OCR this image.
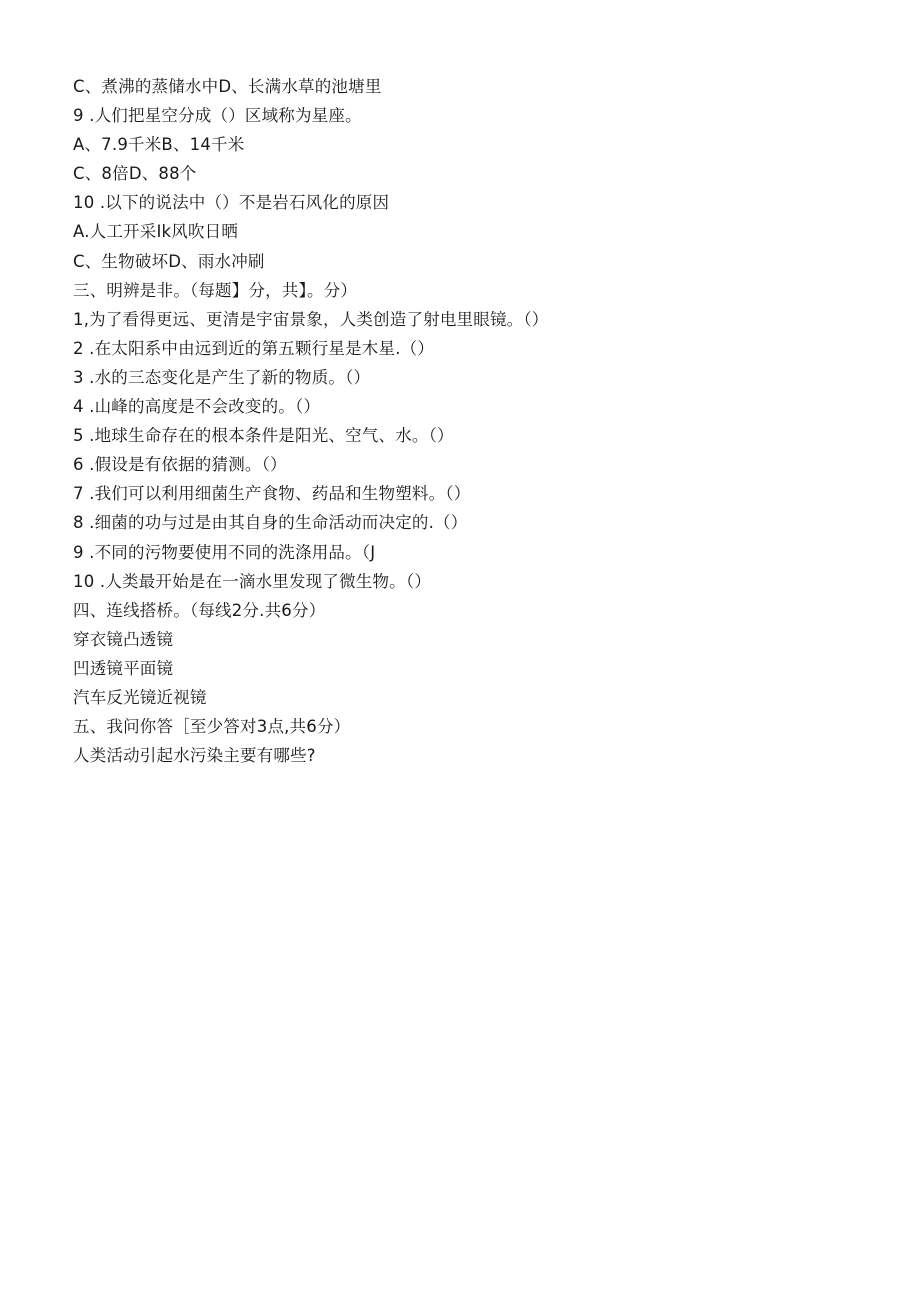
C、煮沸的蒸储水中D、长满水草的池塘里
9 .人们把星空分成（）区域称为星座。
A、7.9千米B、14千米
C、8倍D、88个
10 .以下的说法中（）不是岩石风化的原因
A.人工开采Ik风吹日晒
C、生物破坏D、雨水冲刷
三、明辨是非。（每题】分，共】。分）
1,为了看得更远、更清是宇宙景象，人类创造了射电里眼镜。（）
2 .在太阳系中由远到近的第五颗行星是木星.（）
3 .水的三态变化是产生了新的物质。（）
4 .山峰的高度是不会改变的。（）
5 .地球生命存在的根本条件是阳光、空气、水。（）
6 .假设是有依据的猜测。（）
7 .我们可以利用细菌生产食物、药品和生物塑料。（）
8 .细菌的功与过是由其自身的生命活动而决定的.（）
9 .不同的污物要使用不同的洗涤用品。（J
10 .人类最开始是在一滴水里发现了微生物。（）
四、连线搭桥。（每线2分.共6分）
穿衣镜凸透镜
凹透镜平面镜
汽车反光镜近视镜
五、我问你答［至少答对3点,共6分）
人类活动引起水污染主要有哪些?
